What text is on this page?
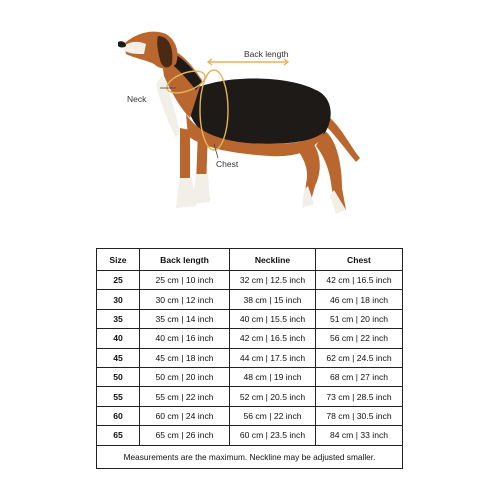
Back length
Neck
Chest
Size	Back length	Neckline	Chest
25	25 cm | 10 inch	32 cm | 12.5 inch	42 cm | 16.5 inch
30	30 cm | 12 inch	38 cm | 15 inch	46 cm | 18 inch
35	35 cm | 14 inch	40 cm | 15.5 inch	51 cm | 20 inch
40	40 cm | 16 inch	42 cm | 16.5 inch	56 cm | 22 inch
45	45 cm | 18 inch	44 cm | 17.5 inch	62 cm | 24.5 inch
50	50 cm | 20 inch	48 cm | 19 inch	68 cm | 27 inch
55	55 cm | 22 inch	52 cm | 20.5 inch	73 cm | 28.5 inch
60	60 cm | 24 inch	56 cm | 22 inch	78 cm | 30.5 inch
65	65 cm | 26 inch	60 cm | 23.5 inch	84 cm | 33 inch
Measurements are the maximum. Neckline may be adjusted smaller.			
